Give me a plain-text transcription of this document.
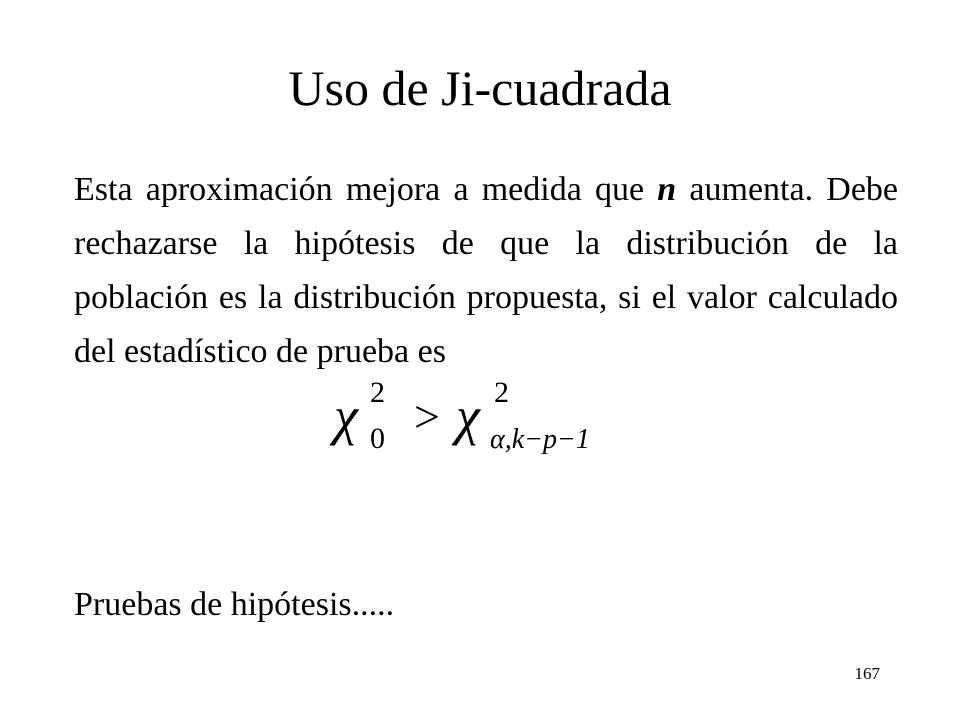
Uso de Ji-cuadrada

Esta aproximación mejora a medida que n aumenta. Debe rechazarse la hipótesis de que la distribución de la población es la distribución propuesta, si el valor calculado del estadístico de prueba es

χ 2
0 > χ 2
α,k−p−1

Pruebas de hipótesis.....

167
